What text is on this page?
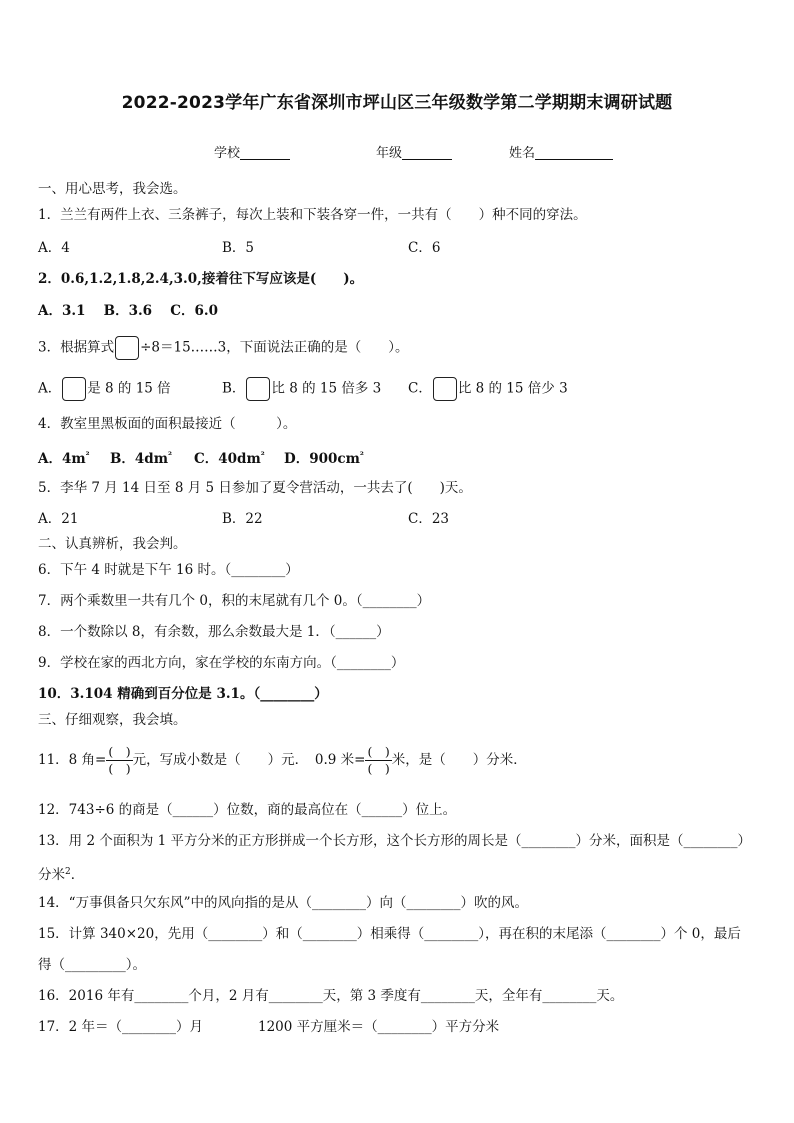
2022-2023学年广东省深圳市坪山区三年级数学第二学期期末调研试题
学校	年级	姓名
一、用心思考，我会选。
1．兰兰有两件上衣、三条裤子，每次上装和下装各穿一件，一共有（　　）种不同的穿法。
A．4	B．5	C．6
2．0.6,1.2,1.8,2.4,3.0,接着往下写应该是(　　)。
A．3.1　 B．3.6　 C．6.0
3．根据算式 ÷8＝15……3，下面说法正确的是（　　）。
A． 是 8 的 15 倍	B． 比 8 的 15 倍多 3 C． 比 8 的 15 倍少 3
4．教室里黑板面的面积最接近（　　　）。
A．$4m^{^2}$ B．$4dm^{^2}$ C．$40dm^{^2}$ D．$900cm^{^2}$
5．李华 7 月 14 日至 8 月 5 日参加了夏令营活动，一共去了(　　)天。
A．21	B．22	C．23
二、认真辨析，我会判。
6．下午 4 时就是下午 16 时。（________）
7．两个乘数里一共有几个 0，积的末尾就有几个 0。（________）
8．一个数除以 8，有余数，那么余数最大是 1．（______）
9．学校在家的西北方向，家在学校的东南方向。（________）
10．3.104 精确到百分位是 3.1。（________）
三、仔细观察，我会填。
11．8 角= $\frac{( )}{( )}$ 元，写成小数是（　　）元．　0.9 米= $\frac{( )}{( )}$ 米，是（　　）分米．
12．743÷6 的商是（______）位数，商的最高位在（______）位上。
13．用 2 个面积为 1 平方分米的正方形拼成一个长方形，这个长方形的周长是（________）分米，面积是（________）
分米$^2$．
14．“万事俱备只欠东风”中的风向指的是从（________）向（________）吹的风。
15．计算 340×20，先用（________）和（________）相乘得（________），再在积的末尾添（________）个 0，最后
得（_________）。
16．2016 年有________个月，2 月有________天，第 3 季度有________天，全年有________天。
17．2 年＝（________）月	1200 平方厘米＝（________）平方分米
